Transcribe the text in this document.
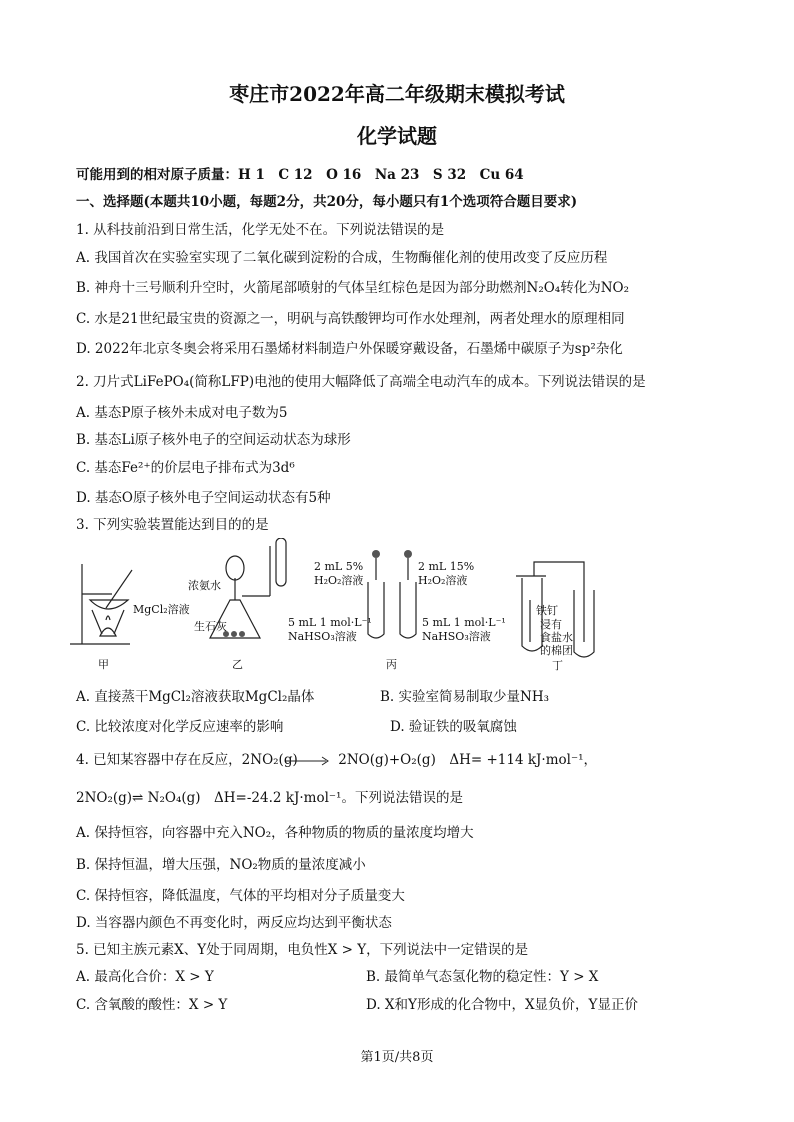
枣庄市2022年高二年级期末模拟考试
化学试题
可能用到的相对原子质量：H 1　C 12　O 16　Na 23　S 32　Cu 64
一、选择题(本题共10小题，每题2分，共20分，每小题只有1个选项符合题目要求)
1. 从科技前沿到日常生活，化学无处不在。下列说法错误的是
A. 我国首次在实验室实现了二氧化碳到淀粉的合成，生物酶催化剂的使用改变了反应历程
B. 神舟十三号顺利升空时，火箭尾部喷射的气体呈红棕色是因为部分助燃剂N₂O₄转化为NO₂
C. 水是21世纪最宝贵的资源之一，明矾与高铁酸钾均可作水处理剂，两者处理水的原理相同
D. 2022年北京冬奥会将采用石墨烯材料制造户外保暖穿戴设备，石墨烯中碳原子为sp²杂化
2. 刀片式LiFePO₄(简称LFP)电池的使用大幅降低了高端全电动汽车的成本。下列说法错误的是
A. 基态P原子核外未成对电子数为5
B. 基态Li原子核外电子的空间运动状态为球形
C. 基态Fe²⁺的价层电子排布式为3d⁶
D. 基态O原子核外电子空间运动状态有5种
3. 下列实验装置能达到目的的是
MgCl₂溶液
甲
浓氨水
生石灰
乙
2 mL 5%
H₂O₂溶液
2 mL 15%
H₂O₂溶液
5 mL 1 mol·L⁻¹
NaHSO₃溶液
5 mL 1 mol·L⁻¹
NaHSO₃溶液
丙
铁钉
浸有
食盐水
的棉团
丁
A. 直接蒸干MgCl₂溶液获取MgCl₂晶体	B. 实验室简易制取少量NH₃
C. 比较浓度对化学反应速率的影响	D. 验证铁的吸氧腐蚀
4. 已知某容器中存在反应，2NO₂(g)　　　2NO(g)+O₂(g)　ΔH= +114 kJ·mol⁻¹，
2NO₂(g)⇌ N₂O₄(g)　ΔH=-24.2 kJ·mol⁻¹。下列说法错误的是
A. 保持恒容，向容器中充入NO₂，各种物质的物质的量浓度均增大
B. 保持恒温，增大压强，NO₂物质的量浓度减小
C. 保持恒容，降低温度，气体的平均相对分子质量变大
D. 当容器内颜色不再变化时，两反应均达到平衡状态
5. 已知主族元素X、Y处于同周期，电负性X > Y，下列说法中一定错误的是
A. 最高化合价：X > Y	B. 最简单气态氢化物的稳定性：Y > X
C. 含氧酸的酸性：X > Y	D. X和Y形成的化合物中，X显负价，Y显正价
第1页/共8页
